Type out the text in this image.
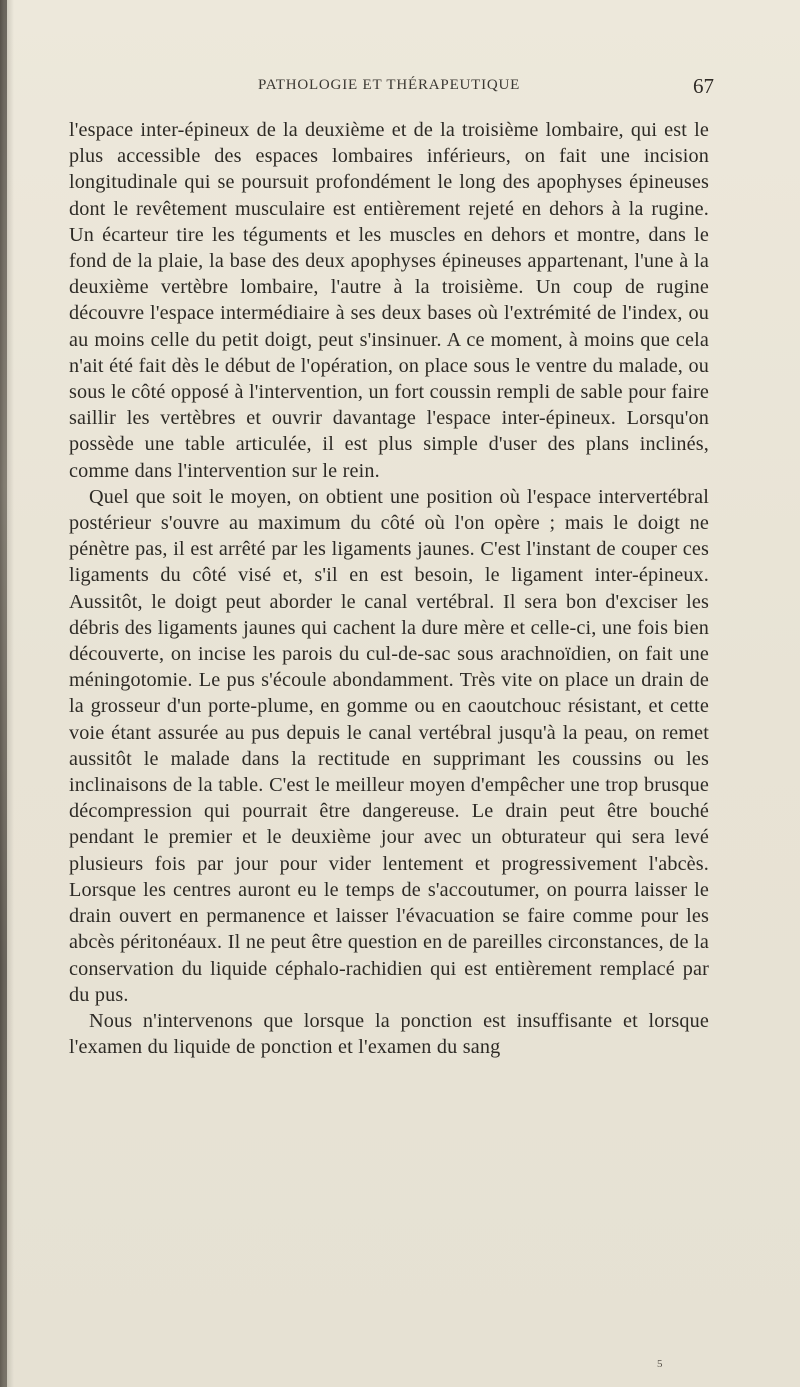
PATHOLOGIE ET THÉRAPEUTIQUE	67

l'espace inter-épineux de la deuxième et de la troisième lombaire, qui est le plus accessible des espaces lombaires inférieurs, on fait une incision longitudinale qui se poursuit profondément le long des apophyses épineuses dont le revêtement musculaire est entièrement rejeté en dehors à la rugine. Un écarteur tire les téguments et les muscles en dehors et montre, dans le fond de la plaie, la base des deux apophyses épineuses appartenant, l'une à la deuxième vertèbre lombaire, l'autre à la troisième. Un coup de rugine découvre l'espace intermédiaire à ses deux bases où l'extrémité de l'index, ou au moins celle du petit doigt, peut s'insinuer. A ce moment, à moins que cela n'ait été fait dès le début de l'opération, on place sous le ventre du malade, ou sous le côté opposé à l'intervention, un fort coussin rempli de sable pour faire saillir les vertèbres et ouvrir davantage l'espace inter-épineux. Lorsqu'on possède une table articulée, il est plus simple d'user des plans inclinés, comme dans l'intervention sur le rein.

Quel que soit le moyen, on obtient une position où l'espace intervertébral postérieur s'ouvre au maximum du côté où l'on opère ; mais le doigt ne pénètre pas, il est arrêté par les ligaments jaunes. C'est l'instant de couper ces ligaments du côté visé et, s'il en est besoin, le ligament inter-épineux. Aussitôt, le doigt peut aborder le canal vertébral. Il sera bon d'exciser les débris des ligaments jaunes qui cachent la dure mère et celle-ci, une fois bien découverte, on incise les parois du cul-de-sac sous arachnoïdien, on fait une méningotomie. Le pus s'écoule abondamment. Très vite on place un drain de la grosseur d'un porte-plume, en gomme ou en caoutchouc résistant, et cette voie étant assurée au pus depuis le canal vertébral jusqu'à la peau, on remet aussitôt le malade dans la rectitude en supprimant les coussins ou les inclinaisons de la table. C'est le meilleur moyen d'empêcher une trop brusque décompression qui pourrait être dangereuse. Le drain peut être bouché pendant le premier et le deuxième jour avec un obturateur qui sera levé plusieurs fois par jour pour vider lentement et progressivement l'abcès. Lorsque les centres auront eu le temps de s'accoutumer, on pourra laisser le drain ouvert en permanence et laisser l'évacuation se faire comme pour les abcès péritonéaux. Il ne peut être question en de pareilles circonstances, de la conservation du liquide céphalo-rachidien qui est entièrement remplacé par du pus.

Nous n'intervenons que lorsque la ponction est insuffisante et lorsque l'examen du liquide de ponction et l'examen du sang

5
